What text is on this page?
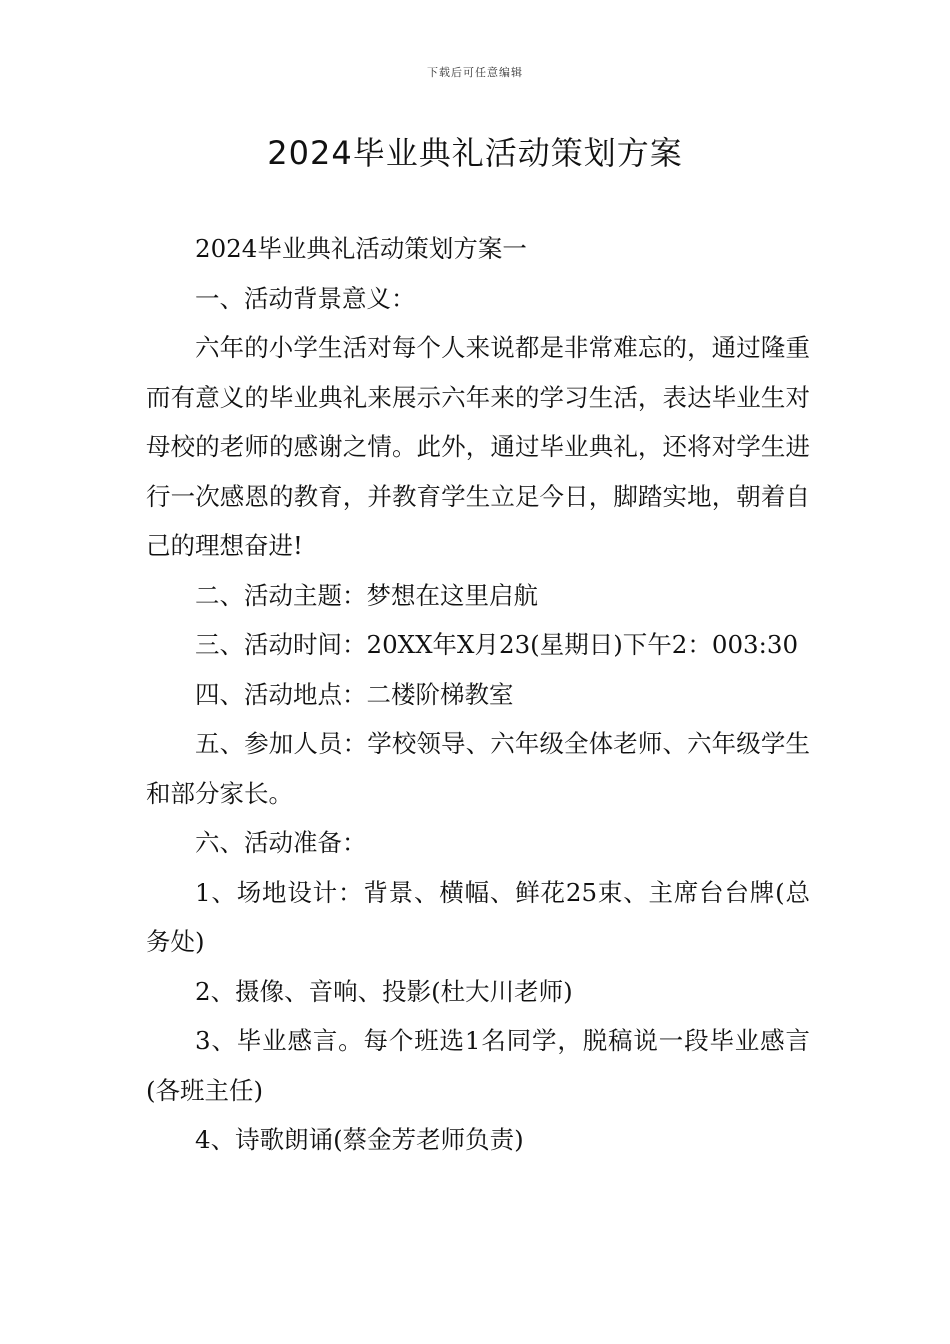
下载后可任意编辑
2024毕业典礼活动策划方案

2024毕业典礼活动策划方案一

一、活动背景意义：

六年的小学生活对每个人来说都是非常难忘的，通过隆重而有意义的毕业典礼来展示六年来的学习生活，表达毕业生对母校的老师的感谢之情。此外，通过毕业典礼，还将对学生进行一次感恩的教育，并教育学生立足今日，脚踏实地，朝着自己的理想奋进!

二、活动主题：梦想在这里启航

三、活动时间：20XX年X月23(星期日)下午2：003:30

四、活动地点：二楼阶梯教室

五、参加人员：学校领导、六年级全体老师、六年级学生和部分家长。

六、活动准备：

1、场地设计：背景、横幅、鲜花25束、主席台台牌(总务处)

2、摄像、音响、投影(杜大川老师)

3、毕业感言。每个班选1名同学，脱稿说一段毕业感言(各班主任)

4、诗歌朗诵(蔡金芳老师负责)
